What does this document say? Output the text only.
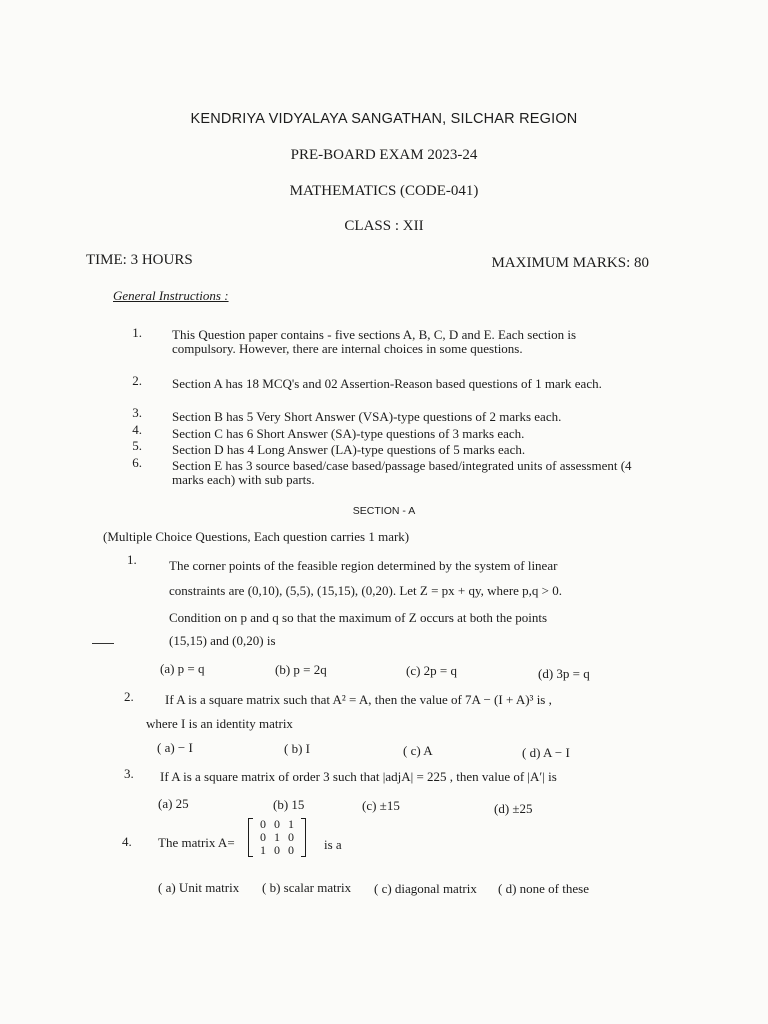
KENDRIYA VIDYALAYA SANGATHAN, SILCHAR REGION
PRE-BOARD EXAM 2023-24
MATHEMATICS (CODE-041)
CLASS : XII
TIME: 3 HOURS	MAXIMUM MARKS: 80
General Instructions :
1. This Question paper contains - five sections A, B, C, D and E. Each section is compulsory. However, there are internal choices in some questions.
2. Section A has 18 MCQ's and 02 Assertion-Reason based questions of 1 mark each.
3. Section B has 5 Very Short Answer (VSA)-type questions of 2 marks each.
4. Section C has 6 Short Answer (SA)-type questions of 3 marks each.
5. Section D has 4 Long Answer (LA)-type questions of 5 marks each.
6. Section E has 3 source based/case based/passage based/integrated units of assessment (4 marks each) with sub parts.
SECTION - A
(Multiple Choice Questions, Each question carries 1 mark)
1. The corner points of the feasible region determined by the system of linear
constraints are (0,10), (5,5), (15,15), (0,20). Let Z = px + qy, where p,q > 0.
Condition on p and q so that the maximum of Z occurs at both the points
(15,15) and (0,20) is
(a) p = q	(b) p = 2q	(c) 2p = q	(d) 3p = q
2. If A is a square matrix such that A² = A, then the value of 7A − (I + A)³ is ,
where I is an identity matrix
( a) − I	( b) I	( c) A	( d) A − I
3. If A is a square matrix of order 3 such that |adjA| = 225 , then value of |A′| is
(a) 25	(b) 15	(c) ±15	(d) ±25
4. The matrix A=
0	0	1
0	1	0
1	0	0 is a
( a) Unit matrix ( b) scalar matrix ( c) diagonal matrix ( d) none of these
